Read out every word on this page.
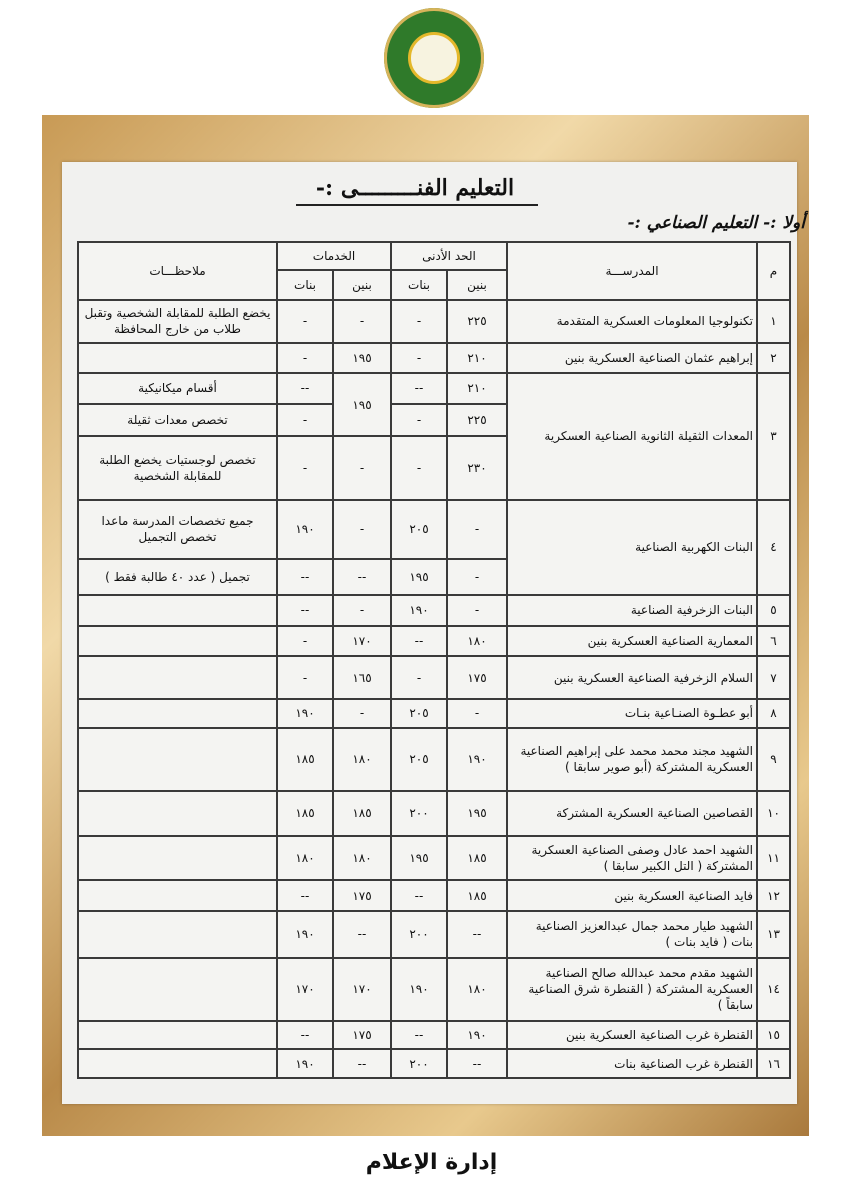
التعليم الفنـــــــــى :-
أولا :- التعليم الصناعي :-
م	المدرســـة	الحد الأدنى		الخدمات		ملاحظـــات
		بنين	بنات	بنين	بنات	
١	تكنولوجيا المعلومات العسكرية المتقدمة	٢٢٥	-	-	-	يخضع الطلبة للمقابلة الشخصية وتقبل طلاب من خارج المحافظة
٢	إبراهيم عثمان الصناعية العسكرية بنين	٢١٠	-	١٩٥	-	
٣	المعدات الثقيلة الثانوية الصناعية العسكرية	٢١٠	--	١٩٥	--	أقسام ميكانيكية
		٢٢٥	-		-	تخصص معدات ثقيلة
		٢٣٠	-	-	-	تخصص لوجستيات يخضع الطلبة للمقابلة الشخصية
٤	البنات الكهربية الصناعية	-	٢٠٥	-	١٩٠	جميع تخصصات المدرسة ماعدا تخصص التجميل
		-	١٩٥	--	--	تجميل ( عدد ٤٠ طالبة فقط )
٥	البنات الزخرفية الصناعية	-	١٩٠	-	--	
٦	المعمارية الصناعية العسكرية بنين	١٨٠	--	١٧٠	-	
٧	السلام الزخرفية الصناعية العسكرية بنين	١٧٥	-	١٦٥	-	
٨	أبو عطـوة الصنـاعية بنـات	-	٢٠٥	-	١٩٠	
٩	الشهيد مجند محمد محمد على إبراهيم الصناعية العسكرية المشتركة (أبو صوير سابقا )	١٩٠	٢٠٥	١٨٠	١٨٥	
١٠	القصاصين الصناعية العسكرية المشتركة	١٩٥	٢٠٠	١٨٥	١٨٥	
١١	الشهيد احمد عادل وصفى الصناعية العسكرية المشتركة ( التل الكبير سابقا )	١٨٥	١٩٥	١٨٠	١٨٠	
١٢	فايد الصناعية العسكرية بنين	١٨٥	--	١٧٥	--	
١٣	الشهيد طيار محمد جمال عبدالعزيز الصناعية بنات ( فايد بنات )	--	٢٠٠	--	١٩٠	
١٤	الشهيد مقدم محمد عبدالله صالح الصناعية العسكرية المشتركة ( القنطرة شرق الصناعية سابقاً )	١٨٠	١٩٠	١٧٠	١٧٠	
١٥	القنطرة غرب الصناعية العسكرية بنين	١٩٠	--	١٧٥	--	
١٦	القنطرة غرب الصناعية بنات	--	٢٠٠	--	١٩٠	
إدارة الإعلام
